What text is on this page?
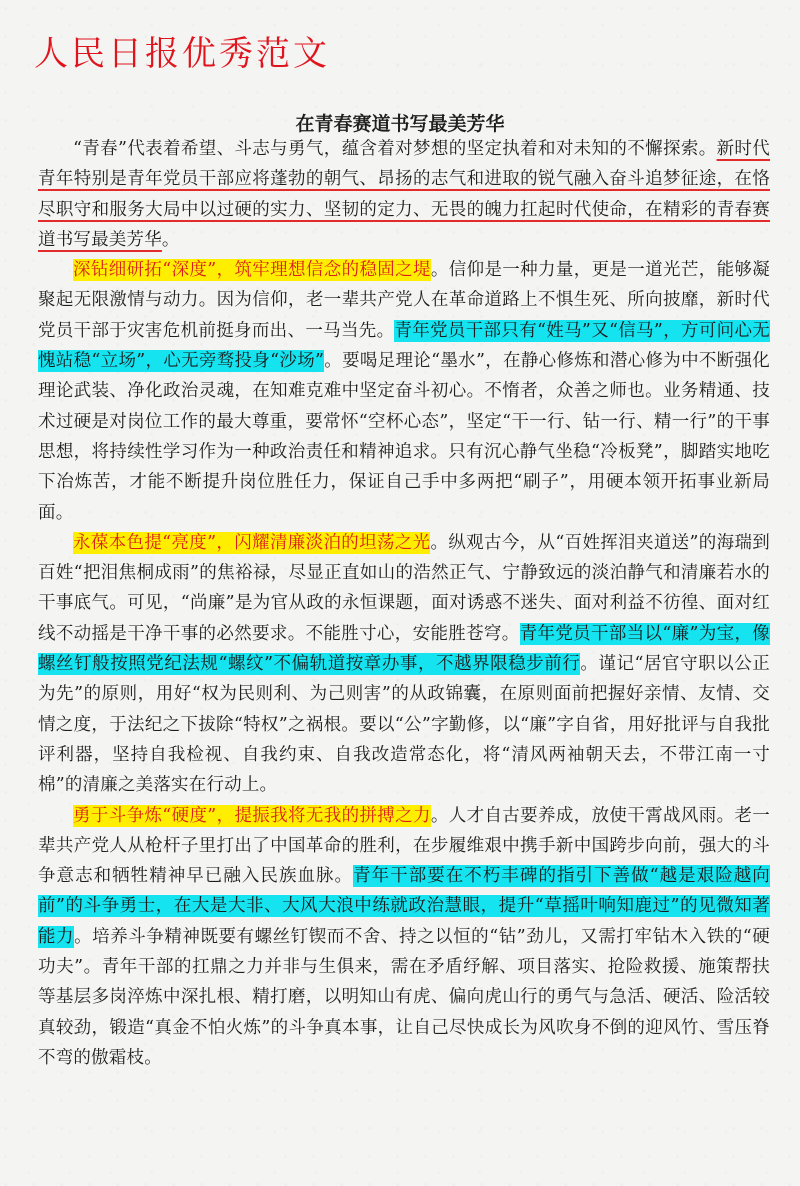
人民日报优秀范文
在青春赛道书写最美芳华

“青春”代表着希望、斗志与勇气，蕴含着对梦想的坚定执着和对未知的不懈探索。新时代青年特别是青年党员干部应将蓬勃的朝气、昂扬的志气和进取的锐气融入奋斗追梦征途，在恪尽职守和服务大局中以过硬的实力、坚韧的定力、无畏的魄力扛起时代使命，在精彩的青春赛道书写最美芳华。

深钻细研拓“深度”，筑牢理想信念的稳固之堤。信仰是一种力量，更是一道光芒，能够凝聚起无限激情与动力。因为信仰，老一辈共产党人在革命道路上不惧生死、所向披靡，新时代党员干部于灾害危机前挺身而出、一马当先。青年党员干部只有“姓马”又“信马”，方可问心无愧站稳“立场”，心无旁骛投身“沙场”。要喝足理论“墨水”，在静心修炼和潜心修为中不断强化理论武装、净化政治灵魂，在知难克难中坚定奋斗初心。不惰者，众善之师也。业务精通、技术过硬是对岗位工作的最大尊重，要常怀“空杯心态”，坚定“干一行、钻一行、精一行”的干事思想，将持续性学习作为一种政治责任和精神追求。只有沉心静气坐稳“冷板凳”，脚踏实地吃下冶炼苦，才能不断提升岗位胜任力，保证自己手中多两把“刷子”，用硬本领开拓事业新局面。

永葆本色提“亮度”，闪耀清廉淡泊的坦荡之光。纵观古今，从“百姓挥泪夹道送”的海瑞到百姓“把泪焦桐成雨”的焦裕禄，尽显正直如山的浩然正气、宁静致远的淡泊静气和清廉若水的干事底气。可见，“尚廉”是为官从政的永恒课题，面对诱惑不迷失、面对利益不彷徨、面对红线不动摇是干净干事的必然要求。不能胜寸心，安能胜苍穹。青年党员干部当以“廉”为宝，像螺丝钉般按照党纪法规“螺纹”不偏轨道按章办事，不越界限稳步前行。谨记“居官守职以公正为先”的原则，用好“权为民则利、为己则害”的从政锦囊，在原则面前把握好亲情、友情、交情之度，于法纪之下拔除“特权”之祸根。要以“公”字勤修，以“廉”字自省，用好批评与自我批评利器，坚持自我检视、自我约束、自我改造常态化，将“清风两袖朝天去，不带江南一寸棉”的清廉之美落实在行动上。

勇于斗争炼“硬度”，提振我将无我的拼搏之力。人才自古要养成，放使干霄战风雨。老一辈共产党人从枪杆子里打出了中国革命的胜利，在步履维艰中携手新中国跨步向前，强大的斗争意志和牺牲精神早已融入民族血脉。青年干部要在不朽丰碑的指引下善做“越是艰险越向前”的斗争勇士，在大是大非、大风大浪中练就政治慧眼，提升“草摇叶响知鹿过”的见微知著能力。培养斗争精神既要有螺丝钉锲而不舍、持之以恒的“钻”劲儿，又需打牢钻木入铁的“硬功夫”。青年干部的扛鼎之力并非与生俱来，需在矛盾纾解、项目落实、抢险救援、施策帮扶等基层多岗淬炼中深扎根、精打磨，以明知山有虎、偏向虎山行的勇气与急活、硬活、险活较真较劲，锻造“真金不怕火炼”的斗争真本事，让自己尽快成长为风吹身不倒的迎风竹、雪压脊不弯的傲霜枝。
